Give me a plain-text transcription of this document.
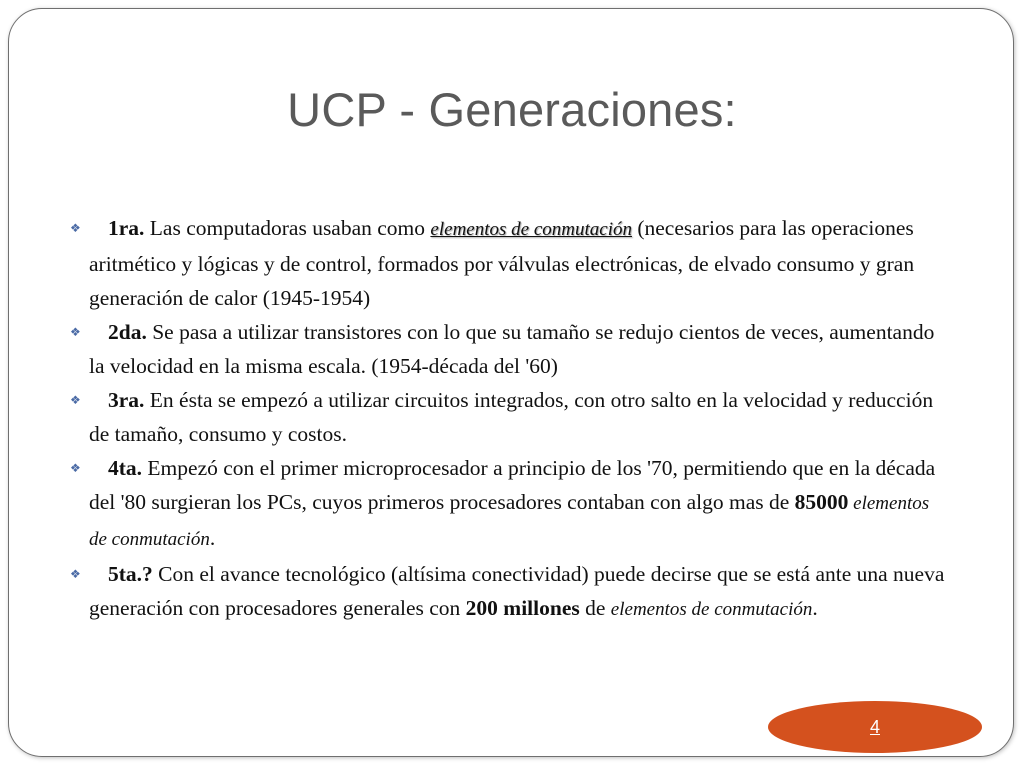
UCP - Generaciones:

❖ 1ra. Las computadoras usaban como elementos de conmutación (necesarios para las operaciones aritmético y lógicas y de control, formados por válvulas electrónicas, de elvado consumo y gran generación de calor (1945-1954)

❖ 2da. Se pasa a utilizar transistores con lo que su tamaño se redujo cientos de veces, aumentando la velocidad en la misma escala. (1954-década del '60)

❖ 3ra. En ésta se empezó a utilizar circuitos integrados, con otro salto en la velocidad y reducción de tamaño, consumo y costos.

❖ 4ta. Empezó con el primer microprocesador a principio de los '70, permitiendo que en la década del '80 surgieran los PCs, cuyos primeros procesadores contaban con algo mas de 85000 elementos de conmutación.

❖ 5ta.? Con el avance tecnológico (altísima conectividad) puede decirse que se está ante una nueva generación con procesadores generales con 200 millones de elementos de conmutación.

4
